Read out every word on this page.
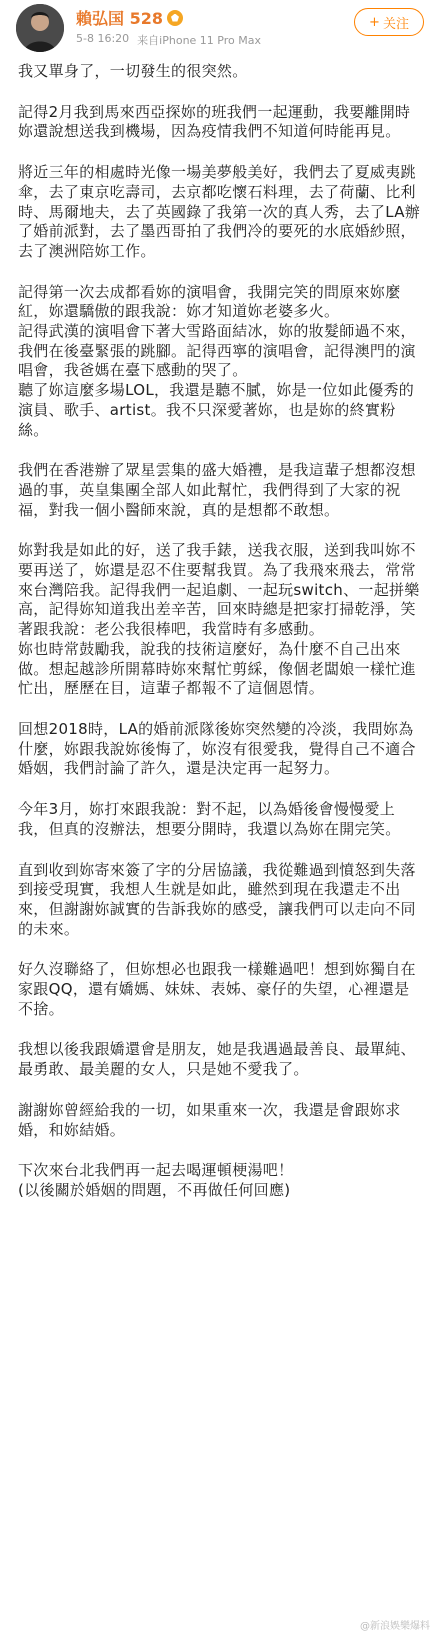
賴弘国 528
5-8 16:20 来自iPhone 11 Pro Max
+ 关注

我又單身了，一切發生的很突然。

記得2月我到馬來西亞探妳的班我們一起運動，我要離開時妳還說想送我到機場，因為疫情我們不知道何時能再見。

將近三年的相處時光像一場美夢般美好，我們去了夏威夷跳傘，去了東京吃壽司，去京都吃懷石料理，去了荷蘭、比利時、馬爾地夫，去了英國錄了我第一次的真人秀，去了LA辦了婚前派對，去了墨西哥拍了我們冷的要死的水底婚紗照，去了澳洲陪妳工作。

記得第一次去成都看妳的演唱會，我開完笑的問原來妳麼紅，妳還驕傲的跟我說：妳才知道妳老婆多火。
記得武漢的演唱會下著大雪路面結冰，妳的妝髮師過不來，我們在後臺緊張的跳腳。記得西寧的演唱會，記得澳門的演唱會，我爸媽在臺下感動的哭了。
聽了妳這麼多場LOL，我還是聽不膩，妳是一位如此優秀的演員、歌手、artist。我不只深愛著妳，也是妳的終實粉絲。

我們在香港辦了眾星雲集的盛大婚禮，是我這輩子想都沒想過的事，英皇集團全部人如此幫忙，我們得到了大家的祝福，對我一個小醫師來說，真的是想都不敢想。

妳對我是如此的好，送了我手錶，送我衣服，送到我叫妳不要再送了，妳還是忍不住要幫我買。為了我飛來飛去，常常來台灣陪我。記得我們一起追劇、一起玩switch、一起拼樂高，記得妳知道我出差辛苦，回來時總是把家打掃乾淨，笑著跟我說：老公我很棒吧，我當時有多感動。
妳也時常鼓勵我，說我的技術這麼好，為什麼不自己出來做。想起越診所開幕時妳來幫忙剪綵，像個老闆娘一樣忙進忙出，歷歷在目，這輩子都報不了這個恩情。

回想2018時，LA的婚前派隊後妳突然變的冷淡，我問妳為什麼，妳跟我說妳後悔了，妳沒有很愛我，覺得自己不適合婚姻，我們討論了許久，還是決定再一起努力。

今年3月，妳打來跟我說：對不起，以為婚後會慢慢愛上我，但真的沒辦法，想要分開時，我還以為妳在開完笑。

直到收到妳寄來簽了字的分居協議，我從難過到憤怒到失落到接受現實，我想人生就是如此，雖然到現在我還走不出來，但謝謝妳誠實的告訴我妳的感受，讓我們可以走向不同的未來。

好久沒聯絡了，但妳想必也跟我一樣難過吧！想到妳獨自在家跟QQ，還有嬌媽、妹妹、表姊、豪仔的失望，心裡還是不捨。

我想以後我跟嬌還會是朋友，她是我遇過最善良、最單純、最勇敢、最美麗的女人，只是她不愛我了。

謝謝妳曾經給我的一切，如果重來一次，我還是會跟妳求婚，和妳結婚。

下次來台北我們再一起去喝運頓梗湯吧！
(以後關於婚姻的問題，不再做任何回應)

@新浪娛樂爆料
